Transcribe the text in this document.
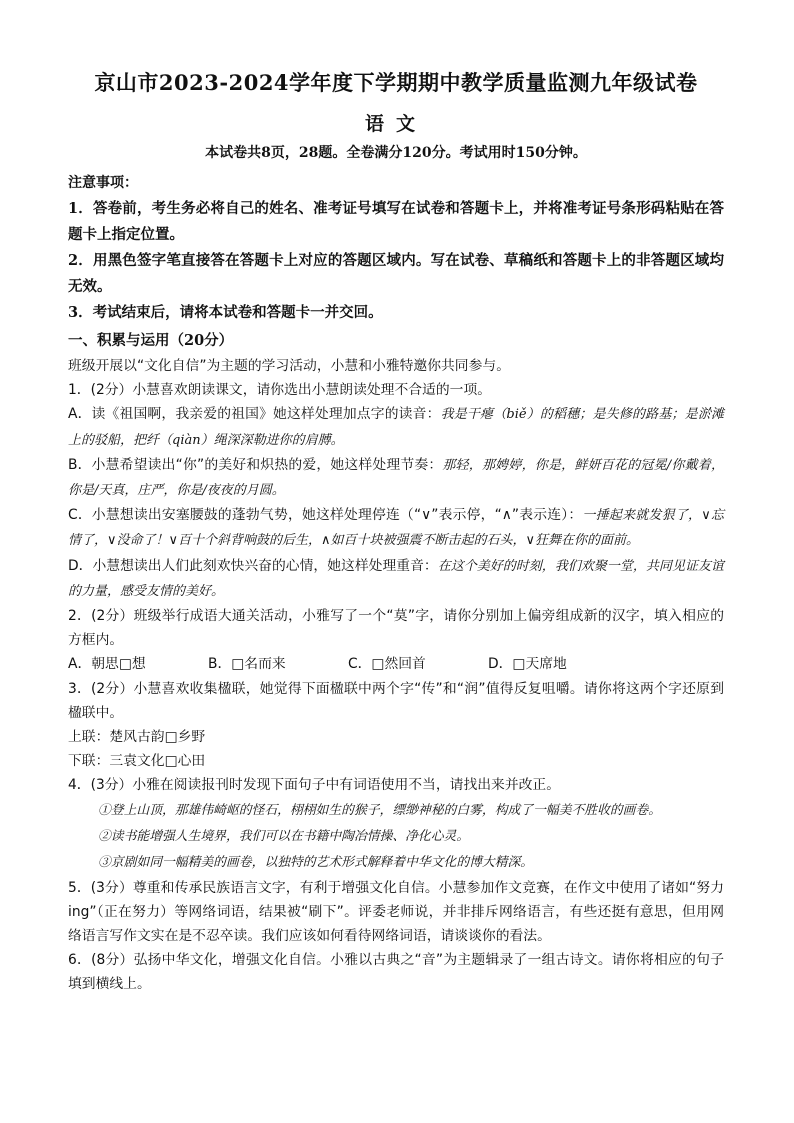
京山市2023-2024学年度下学期期中教学质量监测九年级试卷
语文
本试卷共8页，28题。全卷满分120分。考试用时150分钟。
注意事项：
1．答卷前，考生务必将自己的姓名、准考证号填写在试卷和答题卡上，并将准考证号条形码粘贴在答题卡上指定位置。
2．用黑色签字笔直接答在答题卡上对应的答题区域内。写在试卷、草稿纸和答题卡上的非答题区域均无效。
3．考试结束后，请将本试卷和答题卡一并交回。
一、积累与运用（20分）
班级开展以“文化自信”为主题的学习活动，小慧和小雅特邀你共同参与。
1．(2分）小慧喜欢朗读课文，请你选出小慧朗读处理不合适的一项。
A．读《祖国啊，我亲爱的祖国》她这样处理加点字的读音：我是干瘪（biě）的稻穗；是失修的路基；是淤滩上的驳船，把纤（qiàn）绳深深勒进你的肩膊。
B．小慧希望读出“你”的美好和炽热的爱，她这样处理节奏：那轻，那娉婷，你是，鲜妍百花的冠冕/你戴着，你是/天真，庄严，你是/夜夜的月圆。
C．小慧想读出安塞腰鼓的蓬勃气势，她这样处理停连（“∨”表示停，“∧”表示连）：一捶起来就发狠了，∨忘情了，∨没命了！∨百十个斜背响鼓的后生，∧如百十块被强震不断击起的石头，∨狂舞在你的面前。
D．小慧想读出人们此刻欢快兴奋的心情，她这样处理重音：在这个美好的时刻，我们欢聚一堂，共同见证友谊的力量，感受友情的美好。
2．(2分）班级举行成语大通关活动，小雅写了一个“莫”字，请你分别加上偏旁组成新的汉字，填入相应的方框内。
A．朝思□想	B．□名而来	C．□然回首	D．□天席地
3．(2分）小慧喜欢收集楹联，她觉得下面楹联中两个字“传”和“润”值得反复咀嚼。请你将这两个字还原到楹联中。
上联：楚风古韵□乡野
下联：三袁文化□心田
4．(3分）小雅在阅读报刊时发现下面句子中有词语使用不当，请找出来并改正。
①登上山顶，那雄伟崎岖的怪石，栩栩如生的猴子，缥缈神秘的白雾，构成了一幅美不胜收的画卷。
②读书能增强人生境界，我们可以在书籍中陶冶情操、净化心灵。
③京剧如同一幅精美的画卷，以独特的艺术形式解释着中华文化的博大精深。
5．(3分）尊重和传承民族语言文字，有利于增强文化自信。小慧参加作文竞赛，在作文中使用了诸如“努力ing”（正在努力）等网络词语，结果被“刷下”。评委老师说，并非排斥网络语言，有些还挺有意思，但用网络语言写作文实在是不忍卒读。我们应该如何看待网络词语，请谈谈你的看法。
6．(8分）弘扬中华文化，增强文化自信。小雅以古典之“音”为主题辑录了一组古诗文。请你将相应的句子填到横线上。
